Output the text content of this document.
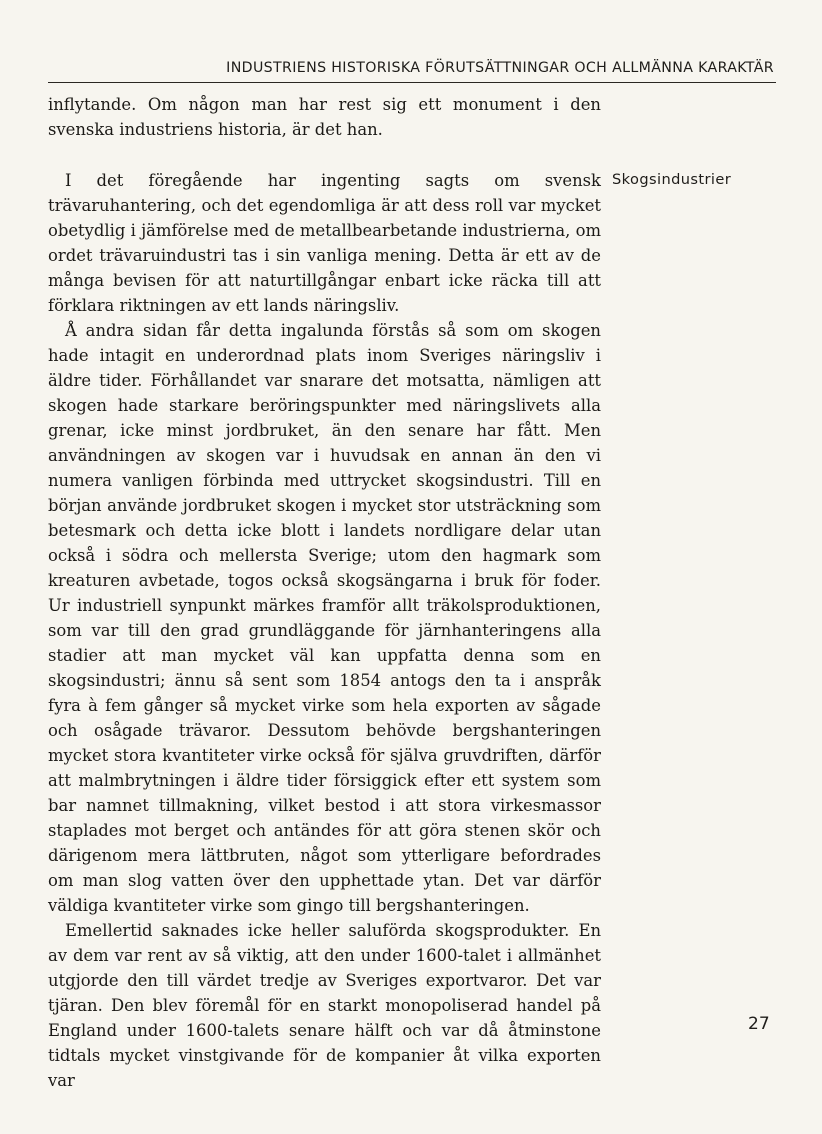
INDUSTRIENS HISTORISKA FÖRUTSÄTTNINGAR OCH ALLMÄNNA KARAKTÄR

inflytande. Om någon man har rest sig ett monument i den svenska industriens historia, är det han.

I det föregående har ingenting sagts om svensk trävaruhantering, och det egendomliga är att dess roll var mycket obetydlig i jämförelse med de metallbearbetande industrierna, om ordet trävaruindustri tas i sin vanliga mening. Detta är ett av de många bevisen för att naturtillgångar enbart icke räcka till att förklara riktningen av ett lands näringsliv.

Å andra sidan får detta ingalunda förstås så som om skogen hade intagit en underordnad plats inom Sveriges näringsliv i äldre tider. Förhållandet var snarare det motsatta, nämligen att skogen hade starkare beröringspunkter med näringslivets alla grenar, icke minst jordbruket, än den senare har fått. Men användningen av skogen var i huvudsak en annan än den vi numera vanligen förbinda med uttrycket skogsindustri. Till en början använde jordbruket skogen i mycket stor utsträckning som betesmark och detta icke blott i landets nordligare delar utan också i södra och mellersta Sverige; utom den hagmark som kreaturen avbetade, togos också skogsängarna i bruk för foder. Ur industriell synpunkt märkes framför allt träkolsproduktionen, som var till den grad grundläggande för järnhanteringens alla stadier att man mycket väl kan uppfatta denna som en skogsindustri; ännu så sent som 1854 antogs den ta i anspråk fyra à fem gånger så mycket virke som hela exporten av sågade och osågade trävaror. Dessutom behövde bergshanteringen mycket stora kvantiteter virke också för själva gruvdriften, därför att malmbrytningen i äldre tider försiggick efter ett system som bar namnet tillmakning, vilket bestod i att stora virkesmassor staplades mot berget och antändes för att göra stenen skör och därigenom mera lättbruten, något som ytterligare befordrades om man slog vatten över den upphettade ytan. Det var därför väldiga kvantiteter virke som gingo till bergshanteringen.

Emellertid saknades icke heller saluförda skogsprodukter. En av dem var rent av så viktig, att den under 1600-talet i allmänhet utgjorde den till värdet tredje av Sveriges exportvaror. Det var tjäran. Den blev föremål för en starkt monopoliserad handel på England under 1600-talets senare hälft och var då åtminstone tidtals mycket vinstgivande för de kompanier åt vilka exporten var

Skogsindustrier
27
